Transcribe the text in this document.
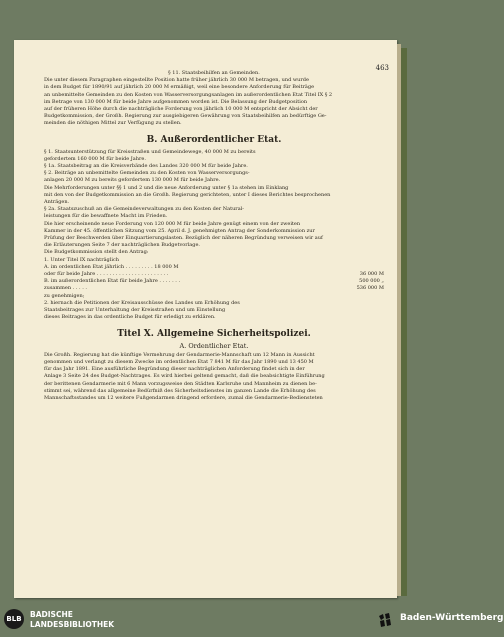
463
§ 11. Staatsbeihilfen an Gemeinden.
Die unter diesem Paragraphen eingestellte Position hatte früher jährlich 30 000 M betragen, und wurde
in dem Budget für 1890/91 auf jährlich 20 000 M ermäßigt, weil eine besondere Anforderung für Beiträge
an unbemittelte Gemeinden zu den Kosten von Wasserversorgungsanlagen im außerordentlichen Etat Titel IX § 2
im Betrage von 130 000 M für beide Jahre aufgenommen worden ist. Die Belassung der Budgetposition
auf der früheren Höhe durch die nachträgliche Forderung von jährlich 10 000 M entspricht der Absicht der
Budgetkommission, der Großh. Regierung zur ausgiebigeren Gewährung von Staatsbeihilfen an bedürftige Ge-
meinden die nöthigen Mittel zur Verfügung zu stellen.
B. Außerordentlicher Etat.
§ 1. Staatsunterstützung für Kreisstraßen und Gemeindewege, 40 000 M zu bereits
gefordertem 160 000 M für beide Jahre.
§ 1a. Staatsbeitrag an die Kreisverbände des Landes 320 000 M für beide Jahre.
§ 2. Beiträge an unbemittelte Gemeinden zu den Kosten von Wasserversorgungs-
anlagen 20 000 M zu bereits gefordertem 130 000 M für beide Jahre.
Die Mehrforderungen unter §§ 1 und 2 und die neue Anforderung unter § 1a stehen im Einklang
mit den von der Budgetkommission an die Großh. Regierung gerichteten, unter I dieses Berichtes besprochenen
Anträgen.
§ 2a. Staatszuschuß an die Gemeindeverwaltungen zu den Kosten der Natural-
leistungen für die bewaffnete Macht im Frieden.
Die hier erscheinende neue Forderung von 120 000 M für beide Jahre genügt einem von der zweiten
Kammer in der 45. öffentlichen Sitzung vom 25. April d. J. genehmigten Antrag der Sonderkommission zur
Prüfung der Beschwerden über Einquartierungslasten. Bezüglich der näheren Begründung verweisen wir auf
die Erläuterungen Seite 7 der nachträglichen Budgetvorlage.
Die Budgetkommission stellt den Antrag:
1. Unter Titel IX nachträglich
A. im ordentlichen Etat jährlich . . . . . . . . . 18 000 M
oder für beide Jahre . . . . . . . . . . . . . . . . . . . . . . .	36 000 M
B. im außerordentlichen Etat für beide Jahre . . . . . . .	500 000 „
zusammen . . . . .	536 000 M
zu genehmigen;
2. hiernach die Petitionen der Kreisausschüsse des Landes um Erhöhung des
Staatsbeitrages zur Unterhaltung der Kreisstraßen und um Einstellung
dieses Beitrages in das ordentliche Budget für erledigt zu erklären.
Titel X. Allgemeine Sicherheitspolizei.
A. Ordentlicher Etat.
Die Großh. Regierung hat die künftige Vermehrung der Gendarmerie-Mannschaft um 12 Mann in Aussicht
genommen und verlangt zu diesem Zwecke im ordentlichen Etat 7 841 M für das Jahr 1890 und 13 450 M
für das Jahr 1891. Eine ausführliche Begründung dieser nachträglichen Anforderung findet sich in der
Anlage 3 Seite 24 des Budget-Nachtrages. Es wird hierbei geltend gemacht, daß die beabsichtigte Einführung
der berittenen Gendarmerie mit 6 Mann vorzugsweise den Städten Karlsruhe und Mannheim zu dienen be-
stimmt sei, während das allgemeine Bedürfniß des Sicherheitsdienstes im ganzen Lande die Erhöhung des
Mannschaftsstandes um 12 weitere Fußgendarmen dringend erfordere, zumal die Gendarmerie-Bediensteten
BLB	BADISCHE
LANDESBIBLIOTHEK
Baden-Württemberg
